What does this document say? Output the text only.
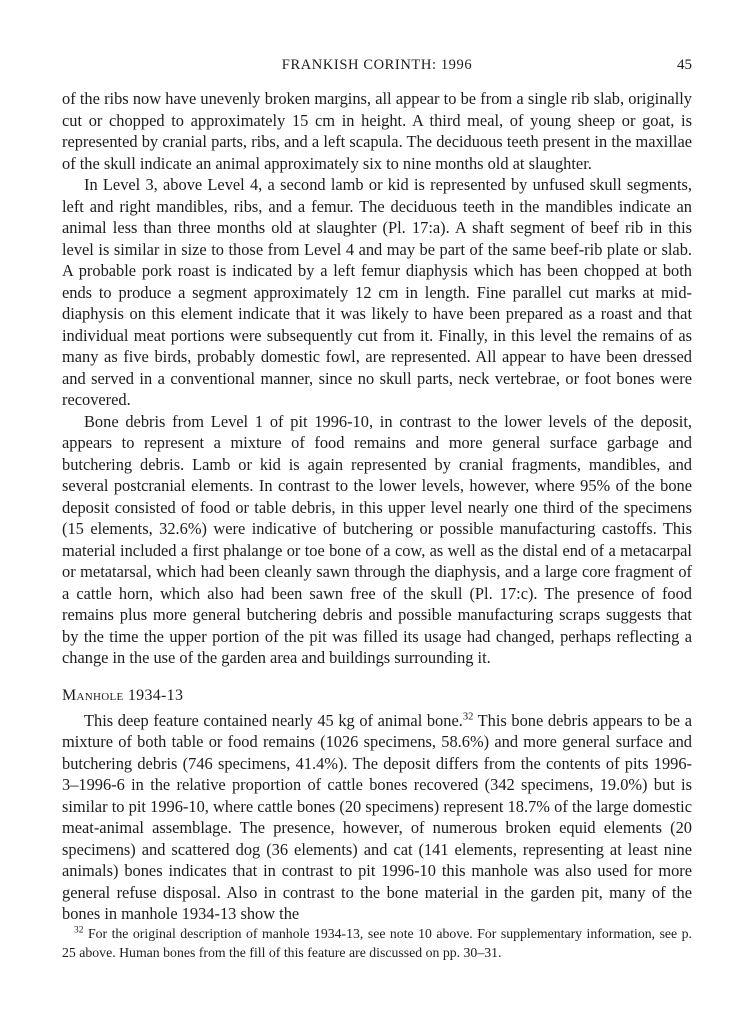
FRANKISH CORINTH: 1996	45

of the ribs now have unevenly broken margins, all appear to be from a single rib slab, originally cut or chopped to approximately 15 cm in height. A third meal, of young sheep or goat, is represented by cranial parts, ribs, and a left scapula. The deciduous teeth present in the maxillae of the skull indicate an animal approximately six to nine months old at slaughter.

In Level 3, above Level 4, a second lamb or kid is represented by unfused skull segments, left and right mandibles, ribs, and a femur. The deciduous teeth in the mandibles indicate an animal less than three months old at slaughter (Pl. 17:a). A shaft segment of beef rib in this level is similar in size to those from Level 4 and may be part of the same beef-rib plate or slab. A probable pork roast is indicated by a left femur diaphysis which has been chopped at both ends to produce a segment approximately 12 cm in length. Fine parallel cut marks at mid-diaphysis on this element indicate that it was likely to have been prepared as a roast and that individual meat portions were subsequently cut from it. Finally, in this level the remains of as many as five birds, probably domestic fowl, are represented. All appear to have been dressed and served in a conventional manner, since no skull parts, neck vertebrae, or foot bones were recovered.

Bone debris from Level 1 of pit 1996-10, in contrast to the lower levels of the deposit, appears to represent a mixture of food remains and more general surface garbage and butchering debris. Lamb or kid is again represented by cranial fragments, mandibles, and several postcranial elements. In contrast to the lower levels, however, where 95% of the bone deposit consisted of food or table debris, in this upper level nearly one third of the specimens (15 elements, 32.6%) were indicative of butchering or possible manufacturing castoffs. This material included a first phalange or toe bone of a cow, as well as the distal end of a metacarpal or metatarsal, which had been cleanly sawn through the diaphysis, and a large core fragment of a cattle horn, which also had been sawn free of the skull (Pl. 17:c). The presence of food remains plus more general butchering debris and possible manufacturing scraps suggests that by the time the upper portion of the pit was filled its usage had changed, perhaps reflecting a change in the use of the garden area and buildings surrounding it.

Manhole 1934-13

This deep feature contained nearly 45 kg of animal bone.$^{32}$ This bone debris appears to be a mixture of both table or food remains (1026 specimens, 58.6%) and more general surface and butchering debris (746 specimens, 41.4%). The deposit differs from the contents of pits 1996-3–1996-6 in the relative proportion of cattle bones recovered (342 specimens, 19.0%) but is similar to pit 1996-10, where cattle bones (20 specimens) represent 18.7% of the large domestic meat-animal assemblage. The presence, however, of numerous broken equid elements (20 specimens) and scattered dog (36 elements) and cat (141 elements, representing at least nine animals) bones indicates that in contrast to pit 1996-10 this manhole was also used for more general refuse disposal. Also in contrast to the bone material in the garden pit, many of the bones in manhole 1934-13 show the

$^{32}$ For the original description of manhole 1934-13, see note 10 above. For supplementary information, see p. 25 above. Human bones from the fill of this feature are discussed on pp. 30–31.
